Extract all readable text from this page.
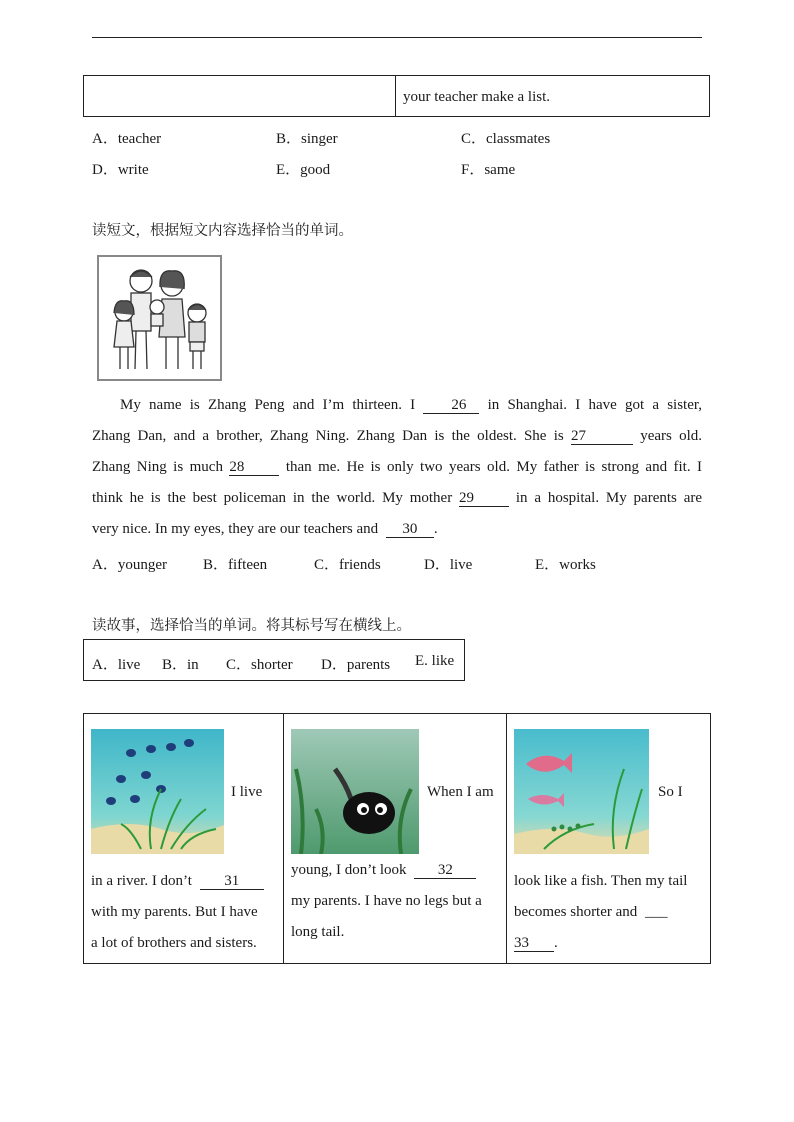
your teacher make a list.
A．teacher	B．singer	C．classmates
D．write	E．good	F．same
读短文，根据短文内容选择恰当的单词。
My name is Zhang Peng and I’m thirteen. I 26 in Shanghai. I have got a sister,
Zhang Dan, and a brother, Zhang Ning. Zhang Dan is the oldest. She is 27	years old.
Zhang Ning is much 28	than me. He is only two years old. My father is strong and fit. I
think he is the best policeman in the world. My mother 29	in a hospital. My parents are
very nice. In my eyes, they are our teachers and 30 .
A．younger B．fifteen	C．friends	D．live	E．works
读故事，选择恰当的单词。将其标号写在横线上。
A．live B．in C．shorter D．parents E. like
I live
in a river. I don’t 31
with my parents. But I have
a lot of brothers and sisters.
When I am
young, I don’t look 32
my parents. I have no legs but a
long tail.
So I
look like a fish. Then my tail
becomes shorter and ___
33 .
